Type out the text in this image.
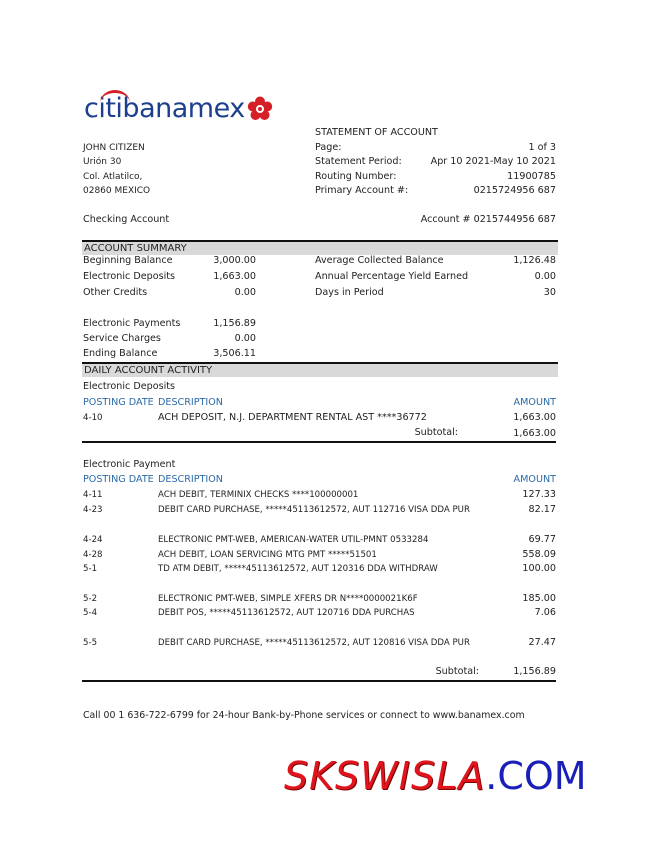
citibanamex
STATEMENT OF ACCOUNT
Page:	1 of 3
Statement Period:	Apr 10 2021-May 10 2021
Routing Number:	11900785
Primary Account #:	0215724956 687
JOHN CITIZEN
Urión 30
Col. Atlatilco,
02860 MEXICO
Checking Account	Account # 0215744956 687
ACCOUNT SUMMARY
Beginning Balance	3,000.00
Electronic Deposits	1,663.00
Other Credits	0.00
Electronic Payments	1,156.89
Service Charges	0.00
Ending Balance	3,506.11
Average Collected Balance	1,126.48
Annual Percentage Yield Earned	0.00
Days in Period	30
DAILY ACCOUNT ACTIVITY
Electronic Deposits
POSTING DATE DESCRIPTION	AMOUNT
4-10	ACH DEPOSIT, N.J. DEPARTMENT RENTAL AST ****36772	1,663.00
Subtotal:	1,663.00
Electronic Payment
POSTING DATE DESCRIPTION	AMOUNT
4-11	ACH DEBIT, TERMINIX CHECKS ****100000001	127.33
4-23	DEBIT CARD PURCHASE, *****45113612572, AUT 112716 VISA DDA PUR	82.17
4-24	ELECTRONIC PMT-WEB, AMERICAN-WATER UTIL-PMNT 0533284	69.77
4-28	ACH DEBIT, LOAN SERVICING MTG PMT *****51501	558.09
5-1	TD ATM DEBIT, *****45113612572, AUT 120316 DDA WITHDRAW	100.00
5-2	ELECTRONIC PMT-WEB, SIMPLE XFERS DR N****0000021K6F	185.00
5-4	DEBIT POS, *****45113612572, AUT 120716 DDA PURCHAS	7.06
5-5	DEBIT CARD PURCHASE, *****45113612572, AUT 120816 VISA DDA PUR	27.47
Subtotal:	1,156.89
Call 00 1 636-722-6799 for 24-hour Bank-by-Phone services or connect to www.banamex.com
SKSWISLA.COM
